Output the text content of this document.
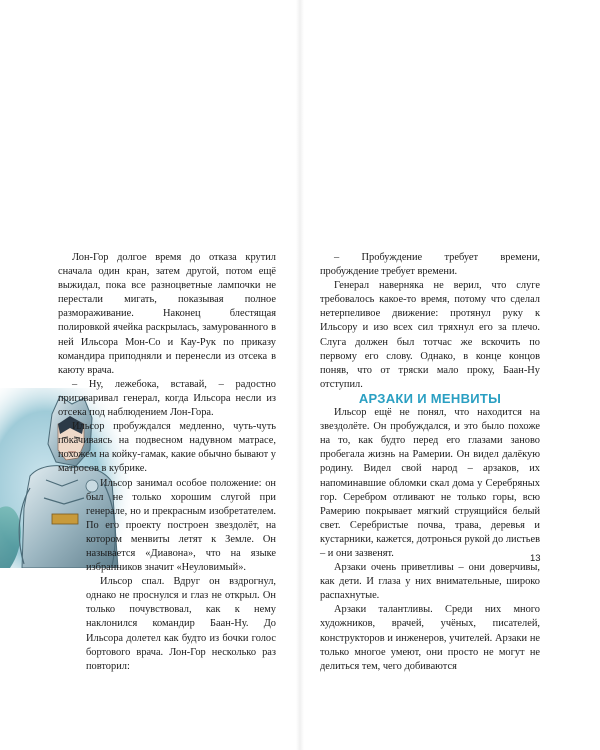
Лон-Гор долгое время до отказа крутил сначала один кран, затем другой, потом ещё выжидал, пока все разноцветные лампочки не перестали мигать, показывая полное размораживание. Наконец блестящая полировкой ячейка раскрылась, замурованного в ней Ильсора Мон-Со и Кау-Рук по приказу командира приподняли и перенесли из отсека в каюту врача.

– Ну, лежебока, вставай, – радостно приговаривал генерал, когда Ильсора несли из отсека под наблюдением Лон-Гора.

Ильсор пробуждался медленно, чуть-чуть покачиваясь на подвесном надувном матрасе, похожем на койку-гамак, какие обычно бывают у матросов в кубрике.

Ильсор занимал особое положение: он был не только хорошим слугой при генерале, но и прекрасным изобретателем. По его проекту построен звездолёт, на котором менвиты летят к Земле. Он называется «Диавона», что на языке избранников значит «Неуловимый».

Ильсор спал. Вдруг он вздрогнул, однако не проснулся и глаз не открыл. Он только почувствовал, как к нему наклонился командир Баан-Ну. До Ильсора долетел как будто из бочки голос бортового врача. Лон-Гор несколько раз повторил:

– Пробуждение требует времени, пробуждение требует времени.

Генерал наверняка не верил, что слуге требовалось какое-то время, потому что сделал нетерпеливое движение: протянул руку к Ильсору и изо всех сил тряхнул его за плечо. Слуга должен был тотчас же вскочить по первому его слову. Однако, в конце концов поняв, что от тряски мало проку, Баан-Ну отступил.

АРЗАКИ И МЕНВИТЫ

Ильсор ещё не понял, что находится на звездолёте. Он пробуждался, и это было похоже на то, как будто перед его глазами заново пробегала жизнь на Рамерии. Он видел далёкую родину. Видел свой народ – арзаков, их напоминавшие обломки скал дома у Серебряных гор. Серебром отливают не только горы, всю Рамерию покрывает мягкий струящийся белый свет. Серебристые почва, трава, деревья и кустарники, кажется, дотронься рукой до листьев – и они зазвенят.

Арзаки очень приветливы – они доверчивы, как дети. И глаза у них внимательные, широко распахнутые.

Арзаки талантливы. Среди них много художников, врачей, учёных, писателей, конструкторов и инженеров, учителей. Арзаки не только многое умеют, они просто не могут не делиться тем, чего добиваются

13
